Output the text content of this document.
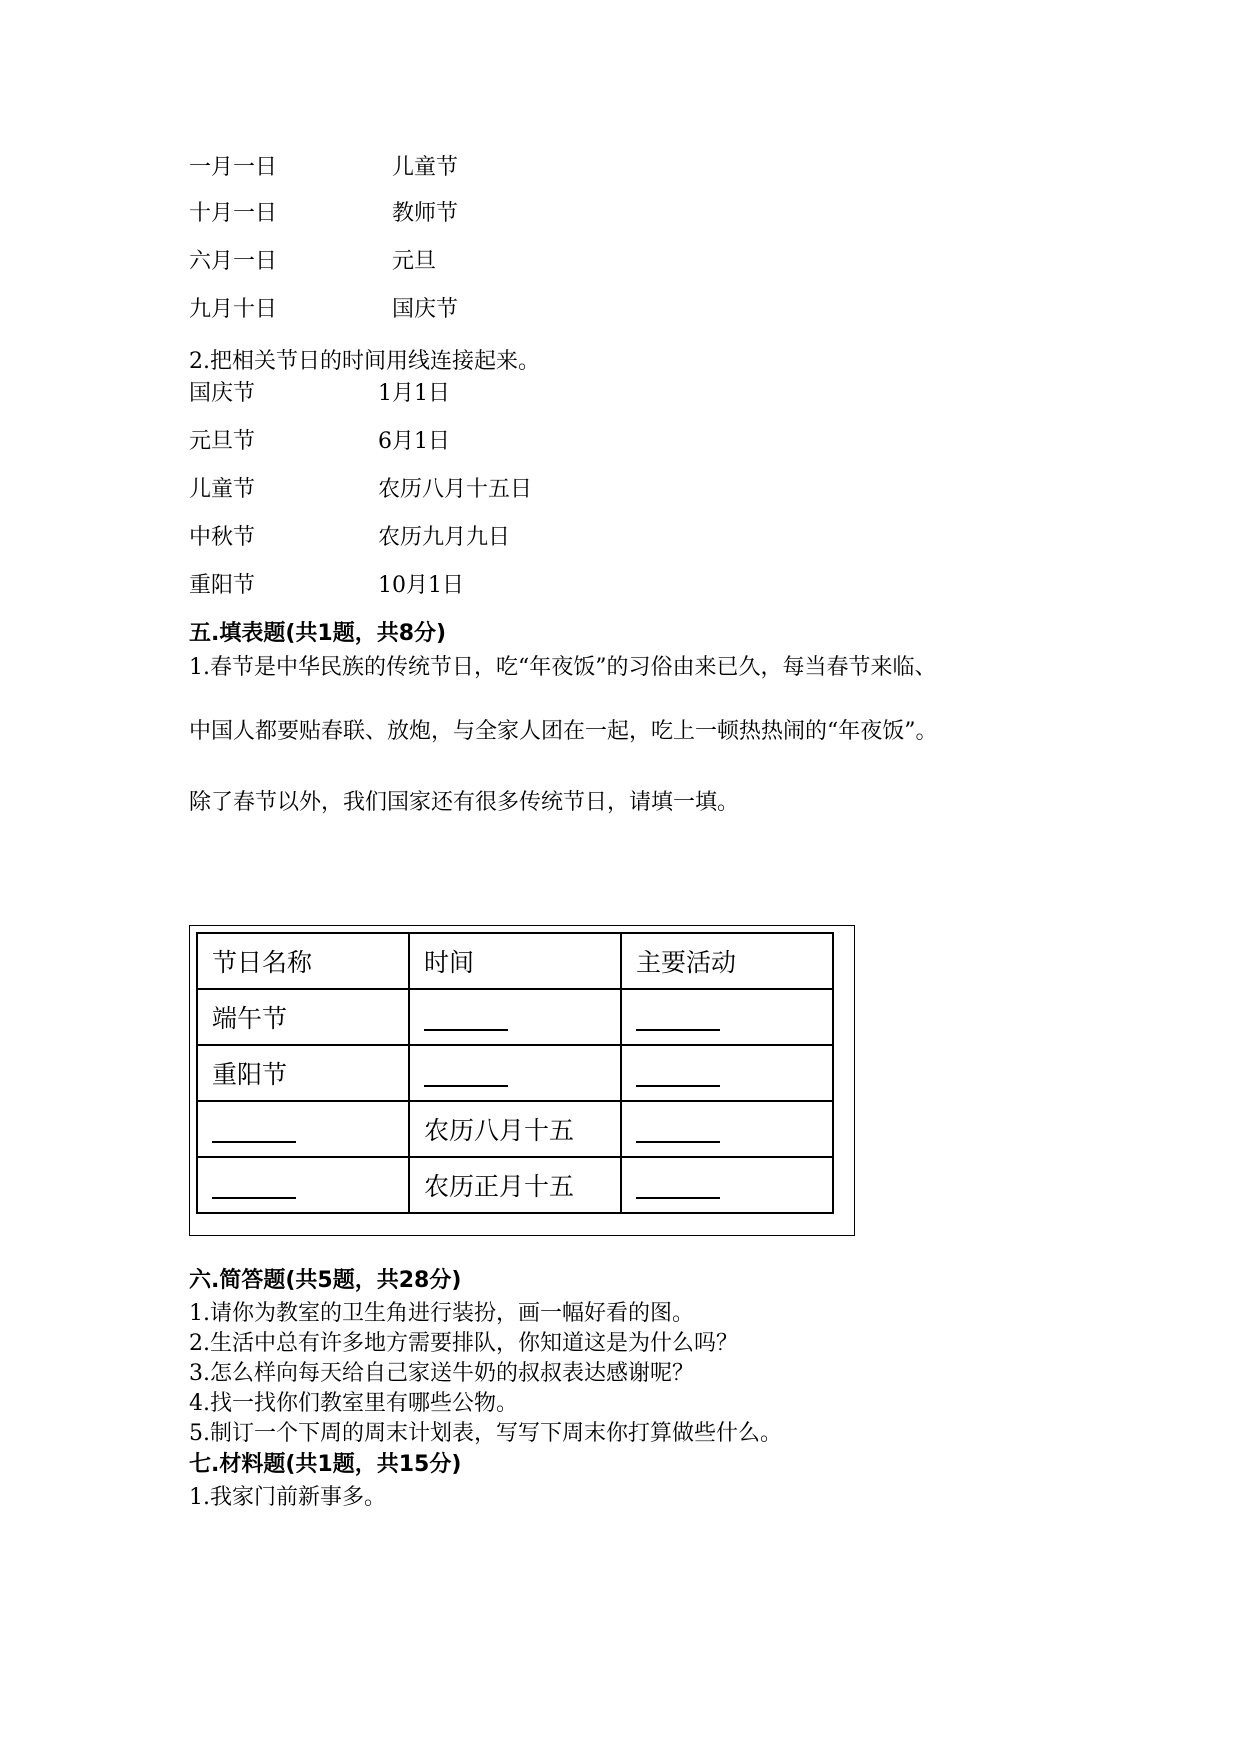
一月一日	儿童节
十月一日	教师节
六月一日	元旦
九月十日	国庆节
2.把相关节日的时间用线连接起来。
国庆节	1月1日
元旦节	6月1日
儿童节	农历八月十五日
中秋节	农历九月九日
重阳节	10月1日
五.填表题(共1题，共8分)
1.春节是中华民族的传统节日，吃“年夜饭”的习俗由来已久，每当春节来临、
中国人都要贴春联、放炮，与全家人团在一起，吃上一顿热热闹的“年夜饭”。
除了春节以外，我们国家还有很多传统节日，请填一填。
节日名称	时间	主要活动
端午节		
重阳节		
	农历八月十五	
	农历正月十五	
六.简答题(共5题，共28分)
1.请你为教室的卫生角进行装扮，画一幅好看的图。
2.生活中总有许多地方需要排队，你知道这是为什么吗？
3.怎么样向每天给自己家送牛奶的叔叔表达感谢呢？
4.找一找你们教室里有哪些公物。
5.制订一个下周的周末计划表，写写下周末你打算做些什么。
七.材料题(共1题，共15分)
1.我家门前新事多。
